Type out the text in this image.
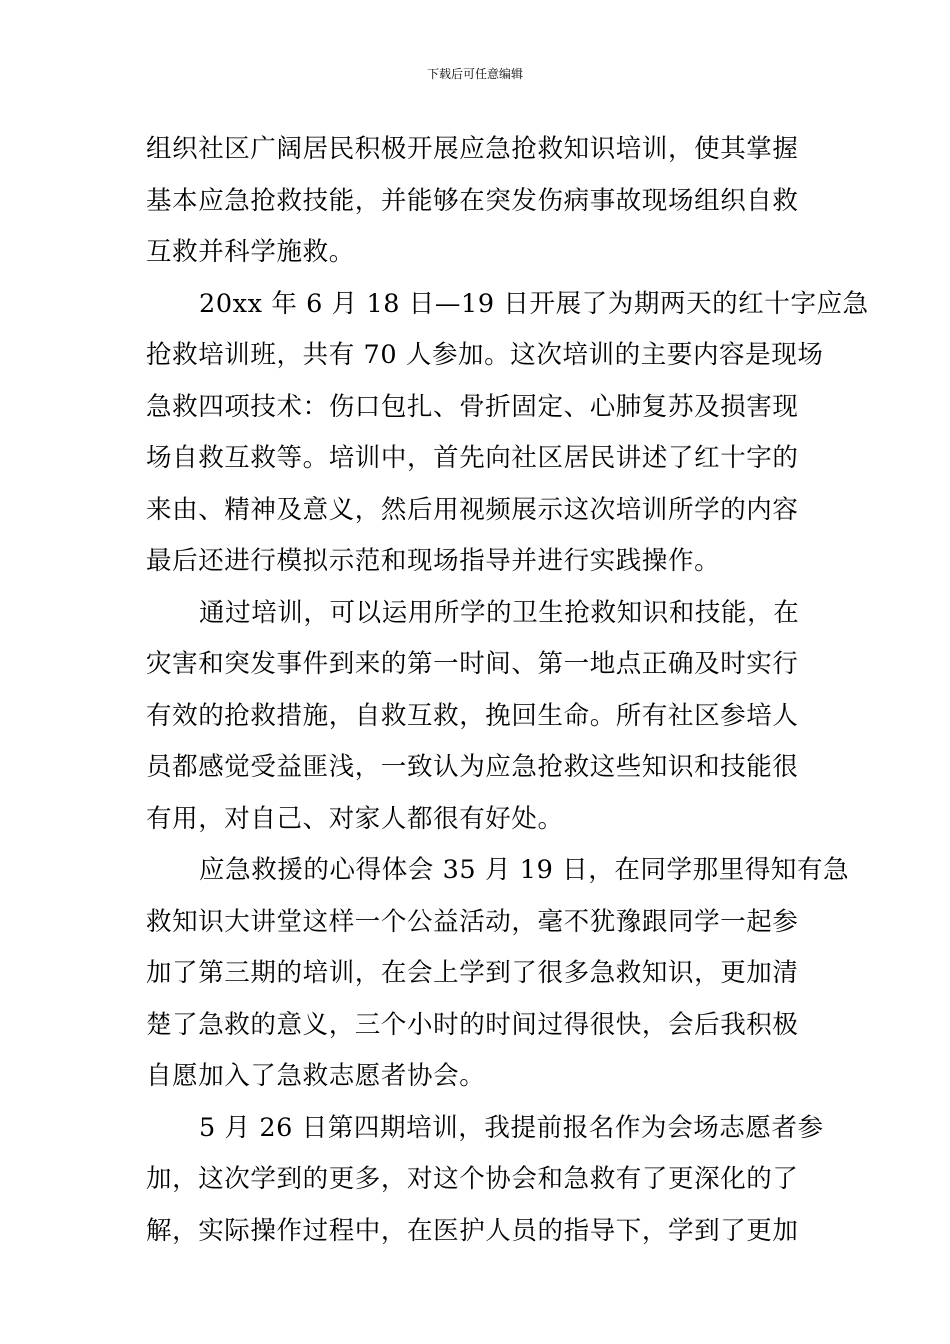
下载后可任意编辑
组织社区广阔居民积极开展应急抢救知识培训，使其掌握
基本应急抢救技能，并能够在突发伤病事故现场组织自救
互救并科学施救。
20xx 年 6 月 18 日—19 日开展了为期两天的红十字应急
抢救培训班，共有 70 人参加。这次培训的主要内容是现场
急救四项技术：伤口包扎、骨折固定、心肺复苏及损害现
场自救互救等。培训中，首先向社区居民讲述了红十字的
来由、精神及意义，然后用视频展示这次培训所学的内容
最后还进行模拟示范和现场指导并进行实践操作。
通过培训，可以运用所学的卫生抢救知识和技能，在
灾害和突发事件到来的第一时间、第一地点正确及时实行
有效的抢救措施，自救互救，挽回生命。所有社区参培人
员都感觉受益匪浅，一致认为应急抢救这些知识和技能很
有用，对自己、对家人都很有好处。
应急救援的心得体会 35 月 19 日，在同学那里得知有急
救知识大讲堂这样一个公益活动，毫不犹豫跟同学一起参
加了第三期的培训，在会上学到了很多急救知识，更加清
楚了急救的意义，三个小时的时间过得很快，会后我积极
自愿加入了急救志愿者协会。
5 月 26 日第四期培训，我提前报名作为会场志愿者参
加，这次学到的更多，对这个协会和急救有了更深化的了
解，实际操作过程中，在医护人员的指导下，学到了更加
